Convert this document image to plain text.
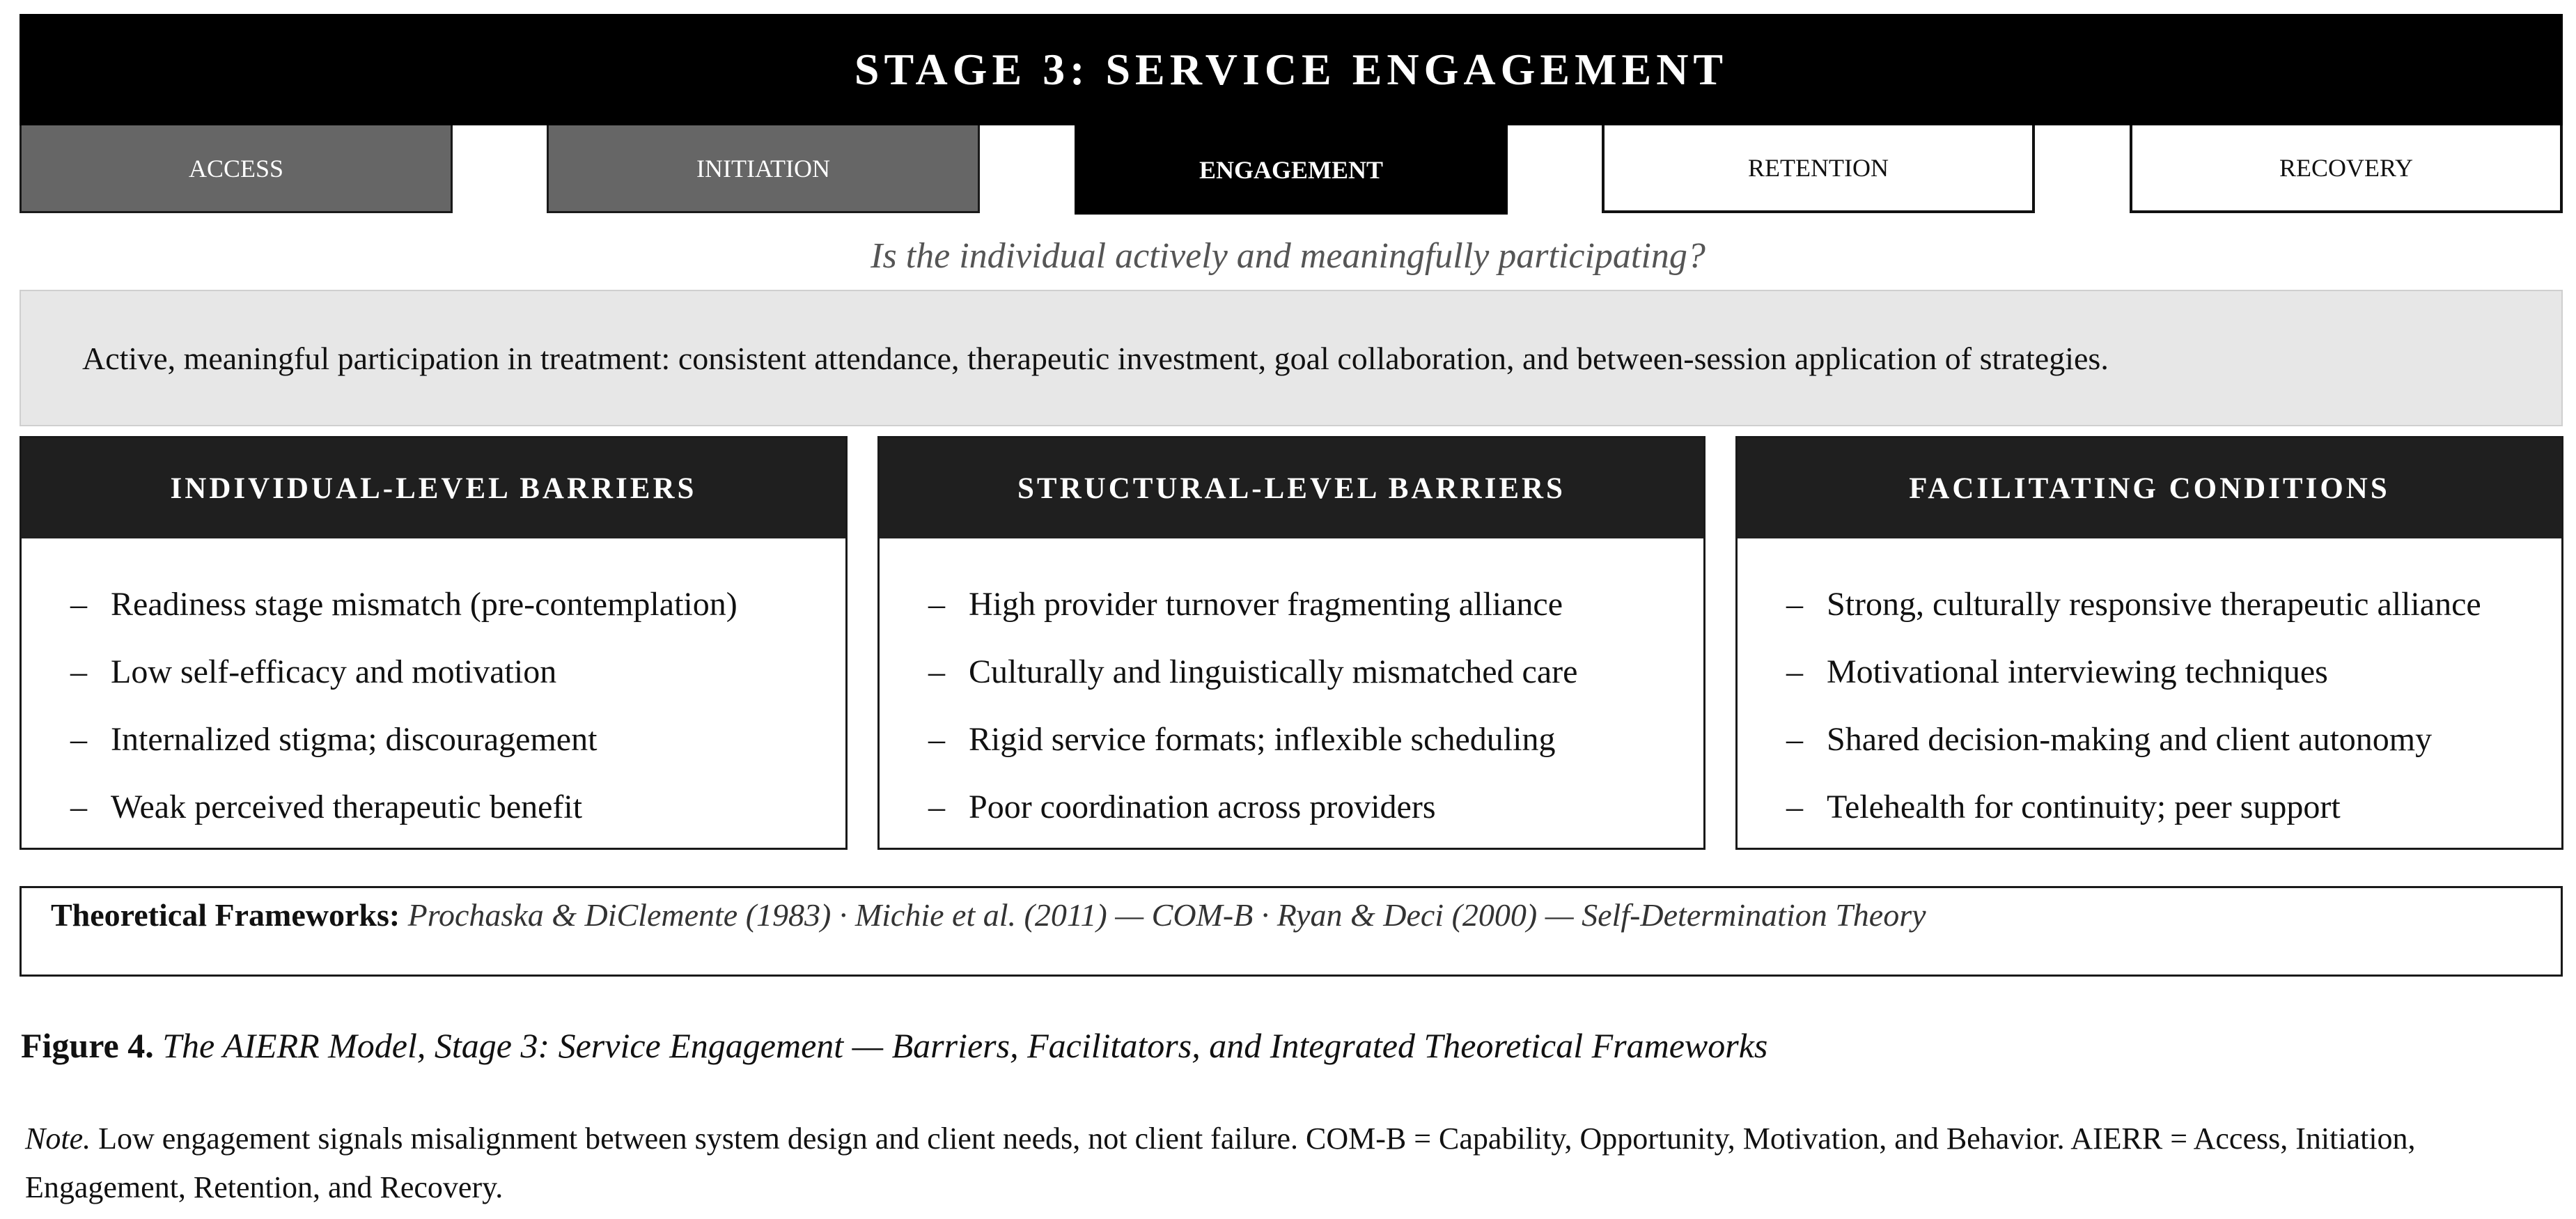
STAGE 3: SERVICE ENGAGEMENT
ACCESS	INITIATION	ENGAGEMENT	RETENTION	RECOVERY
Is the individual actively and meaningfully participating?
Active, meaningful participation in treatment: consistent attendance, therapeutic investment, goal collaboration, and between-session application of strategies.
INDIVIDUAL-LEVEL BARRIERS
– Readiness stage mismatch (pre-contemplation)
– Low self-efficacy and motivation
– Internalized stigma; discouragement
– Weak perceived therapeutic benefit
STRUCTURAL-LEVEL BARRIERS
– High provider turnover fragmenting alliance
– Culturally and linguistically mismatched care
– Rigid service formats; inflexible scheduling
– Poor coordination across providers
FACILITATING CONDITIONS
– Strong, culturally responsive therapeutic alliance
– Motivational interviewing techniques
– Shared decision-making and client autonomy
– Telehealth for continuity; peer support
Theoretical Frameworks: Prochaska & DiClemente (1983) · Michie et al. (2011) — COM-B · Ryan & Deci (2000) — Self-Determination Theory
Figure 4. The AIERR Model, Stage 3: Service Engagement — Barriers, Facilitators, and Integrated Theoretical Frameworks
Note. Low engagement signals misalignment between system design and client needs, not client failure. COM-B = Capability, Opportunity, Motivation, and Behavior. AIERR = Access, Initiation, Engagement, Retention, and Recovery.
